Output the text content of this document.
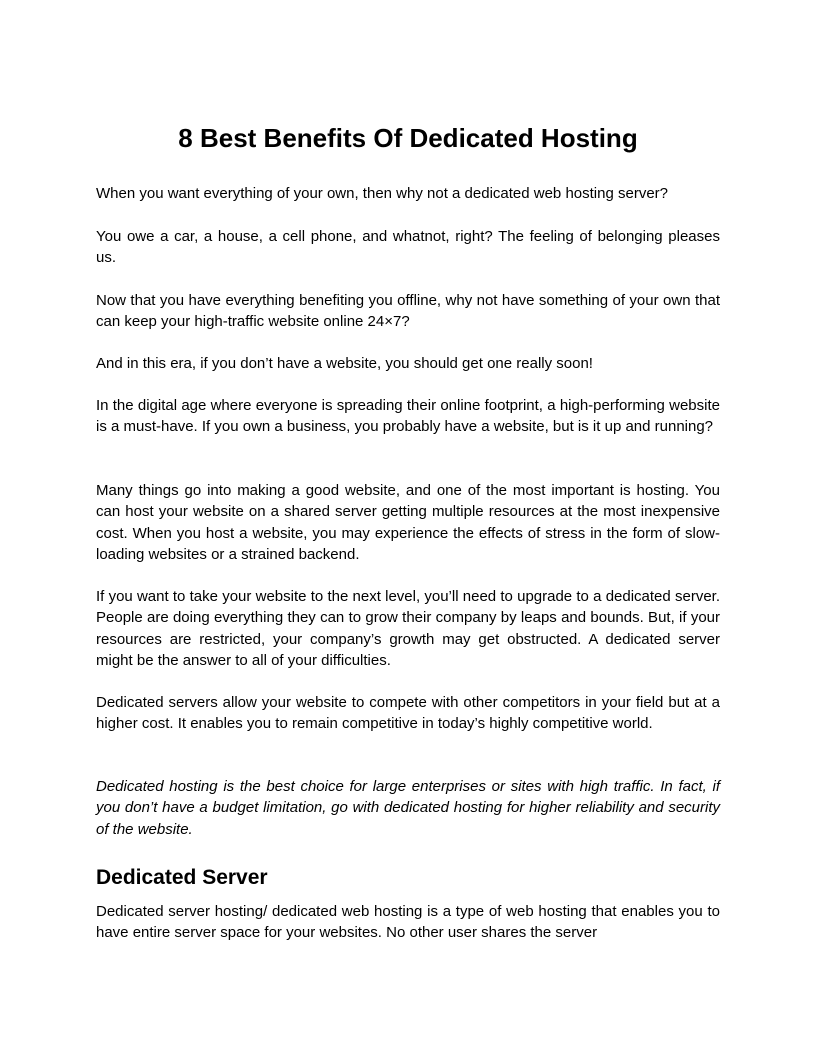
8 Best Benefits Of Dedicated Hosting

When you want everything of your own, then why not a dedicated web hosting server?

You owe a car, a house, a cell phone, and whatnot, right? The feeling of belonging pleases us.

Now that you have everything benefiting you offline, why not have something of your own that can keep your high-traffic website online 24×7?

And in this era, if you don’t have a website, you should get one really soon!

In the digital age where everyone is spreading their online footprint, a high-performing website is a must-have. If you own a business, you probably have a website, but is it up and running?

Many things go into making a good website, and one of the most important is hosting. You can host your website on a shared server getting multiple resources at the most inexpensive cost. When you host a website, you may experience the effects of stress in the form of slow-loading websites or a strained backend.

If you want to take your website to the next level, you’ll need to upgrade to a dedicated server. People are doing everything they can to grow their company by leaps and bounds. But, if your resources are restricted, your company’s growth may get obstructed. A dedicated server might be the answer to all of your difficulties.

Dedicated servers allow your website to compete with other competitors in your field but at a higher cost. It enables you to remain competitive in today’s highly competitive world.

Dedicated hosting is the best choice for large enterprises or sites with high traffic. In fact, if you don’t have a budget limitation, go with dedicated hosting for higher reliability and security of the website.

Dedicated Server

Dedicated server hosting/ dedicated web hosting is a type of web hosting that enables you to have entire server space for your websites. No other user shares the server
